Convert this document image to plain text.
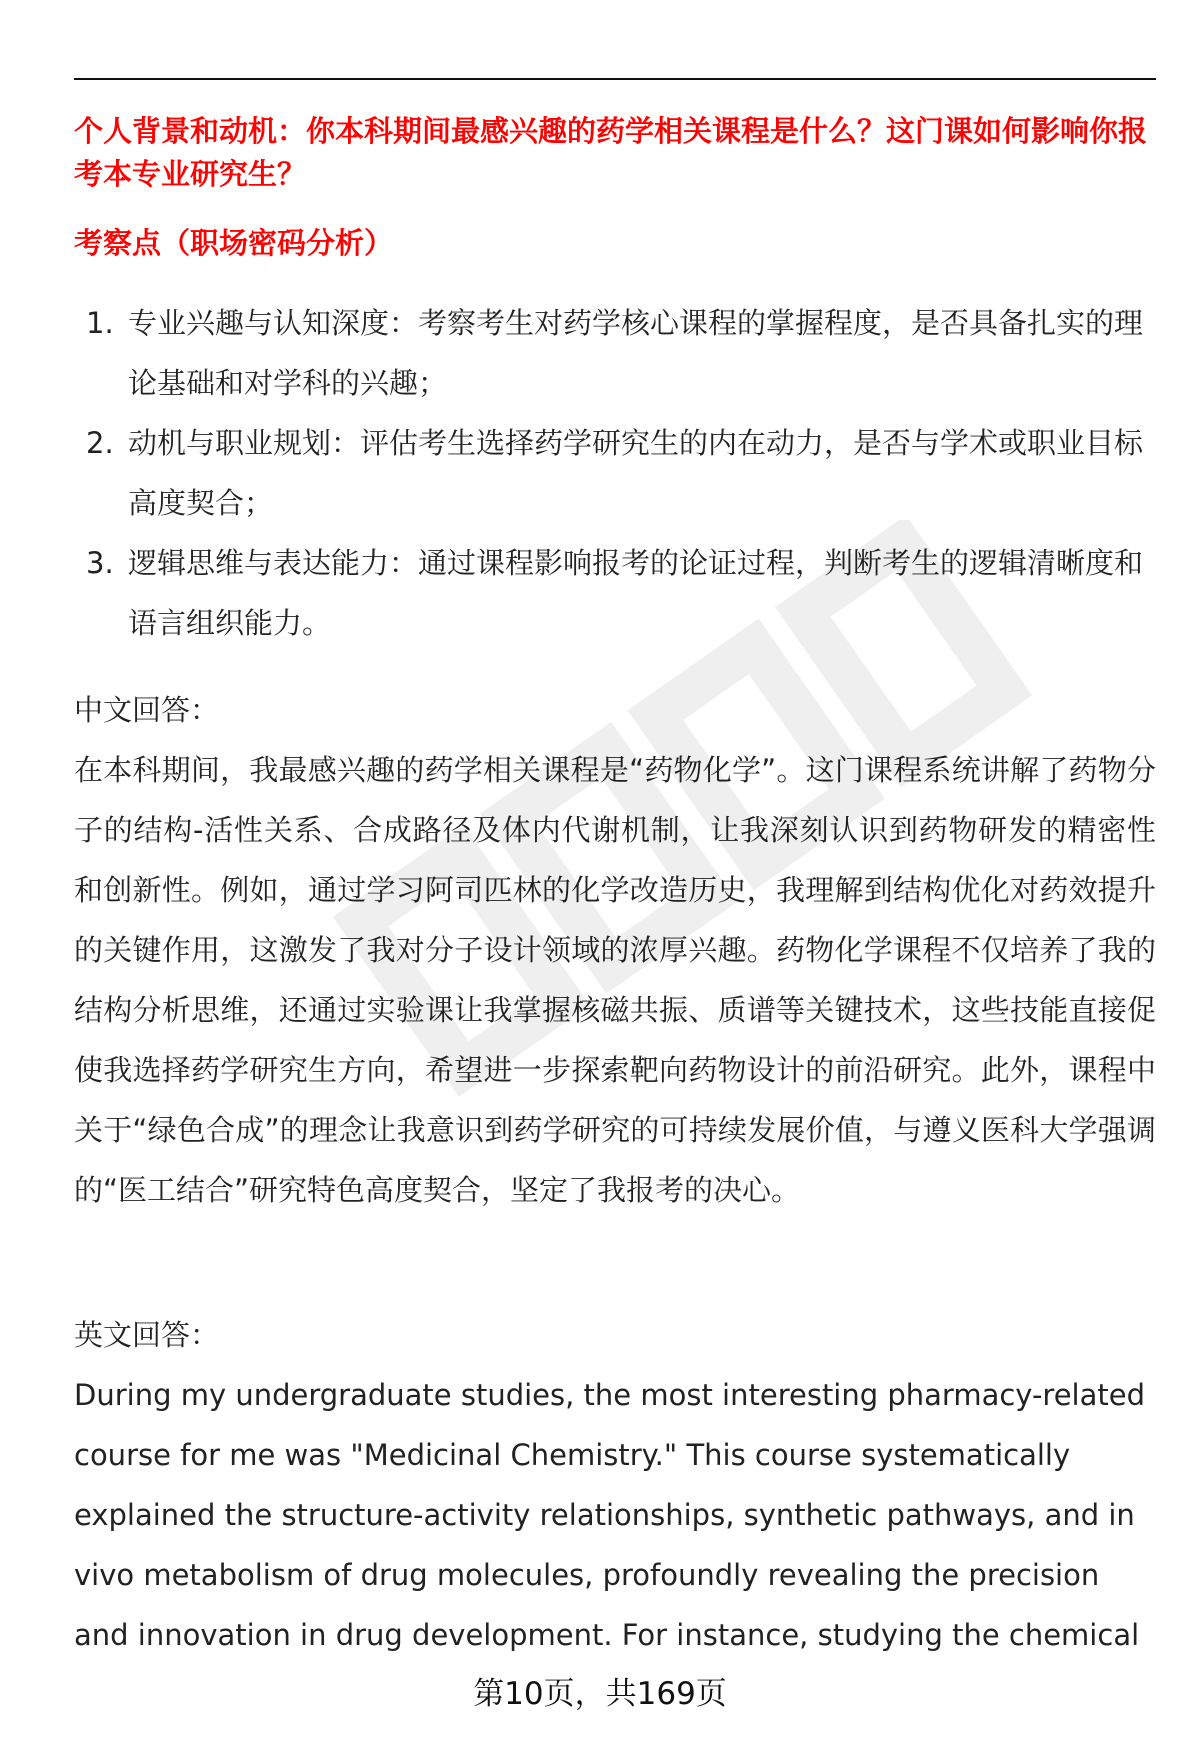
个人背景和动机：你本科期间最感兴趣的药学相关课程是什么？这门课如何影响你报考本专业研究生？
考察点（职场密码分析）
1. 专业兴趣与认知深度：考察考生对药学核心课程的掌握程度，是否具备扎实的理论基础和对学科的兴趣；
2. 动机与职业规划：评估考生选择药学研究生的内在动力，是否与学术或职业目标高度契合；
3. 逻辑思维与表达能力：通过课程影响报考的论证过程，判断考生的逻辑清晰度和语言组织能力。
中文回答：

在本科期间，我最感兴趣的药学相关课程是“药物化学”。这门课程系统讲解了药物分子的结构-活性关系、合成路径及体内代谢机制，让我深刻认识到药物研发的精密性和创新性。例如，通过学习阿司匹林的化学改造历史，我理解到结构优化对药效提升的关键作用，这激发了我对分子设计领域的浓厚兴趣。药物化学课程不仅培养了我的结构分析思维，还通过实验课让我掌握核磁共振、质谱等关键技术，这些技能直接促使我选择药学研究生方向，希望进一步探索靶向药物设计的前沿研究。此外，课程中关于“绿色合成”的理念让我意识到药学研究的可持续发展价值，与遵义医科大学强调的“医工结合”研究特色高度契合，坚定了我报考的决心。

英文回答：

During my undergraduate studies, the most interesting pharmacy-related course for me was "Medicinal Chemistry." This course systematically explained the structure-activity relationships, synthetic pathways, and in vivo metabolism of drug molecules, profoundly revealing the precision and innovation in drug development. For instance, studying the chemical

第10页，共169页
